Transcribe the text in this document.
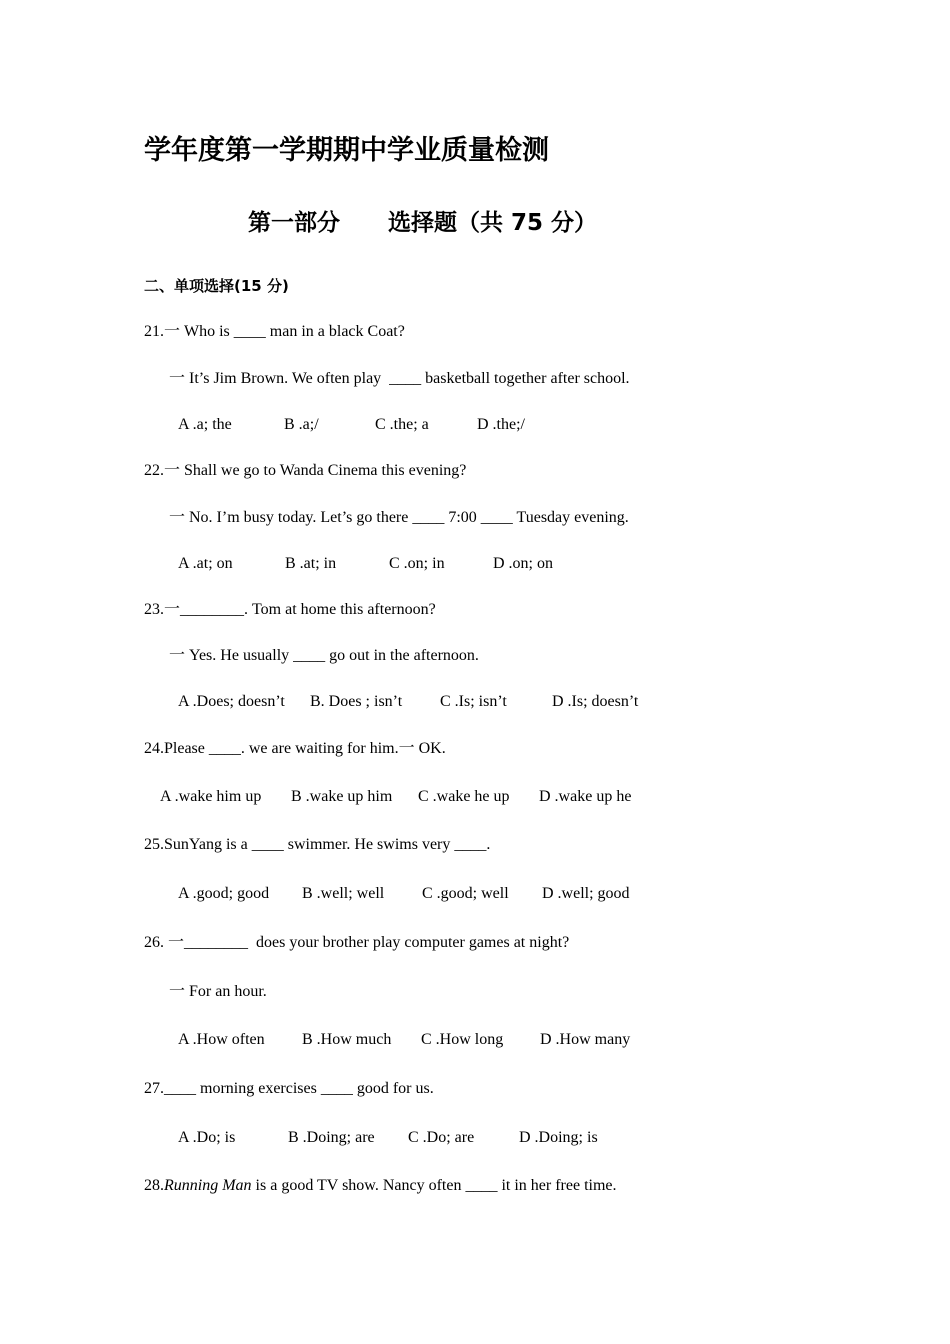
学年度第一学期期中学业质量检测
第一部分 选择题（共 75 分）
二、单项选择(15 分)
21.一 Who is ____ man in a black Coat?
一 It’s Jim Brown. We often play  ____ basketball together after school.

A .a; the

	B .a;/

	C .the; a

	D .the;/

22.一 Shall we go to Wanda Cinema this evening?
一 No. I’m busy today. Let’s go there ____ 7:00 ____ Tuesday evening.

A .at; on

	B .at; in

	C .on; in

	D .on; on

23.一________. Tom at home this afternoon?
一 Yes. He usually ____ go out in the afternoon.

A .Does; doesn’t

B. Does ; isn’t

C .Is; isn’t

	D .Is; doesn’t

24.Please ____. we are waiting for him.一 OK.

A .wake him up

B .wake up him

C .wake he up

D .wake up he

25.SunYang is a ____ swimmer. He swims very ____.

A .good; good

B .well; well

C .good; well

D .well; good

26. 一________  does your brother play computer games at night?
一 For an hour.

A .How often

B .How much

C .How long

D .How many

27.____ morning exercises ____ good for us.

A .Do; is

	B .Doing; are

C .Do; are

	D .Doing; is

28.Running Man is a good TV show. Nancy often ____ it in her free time.
